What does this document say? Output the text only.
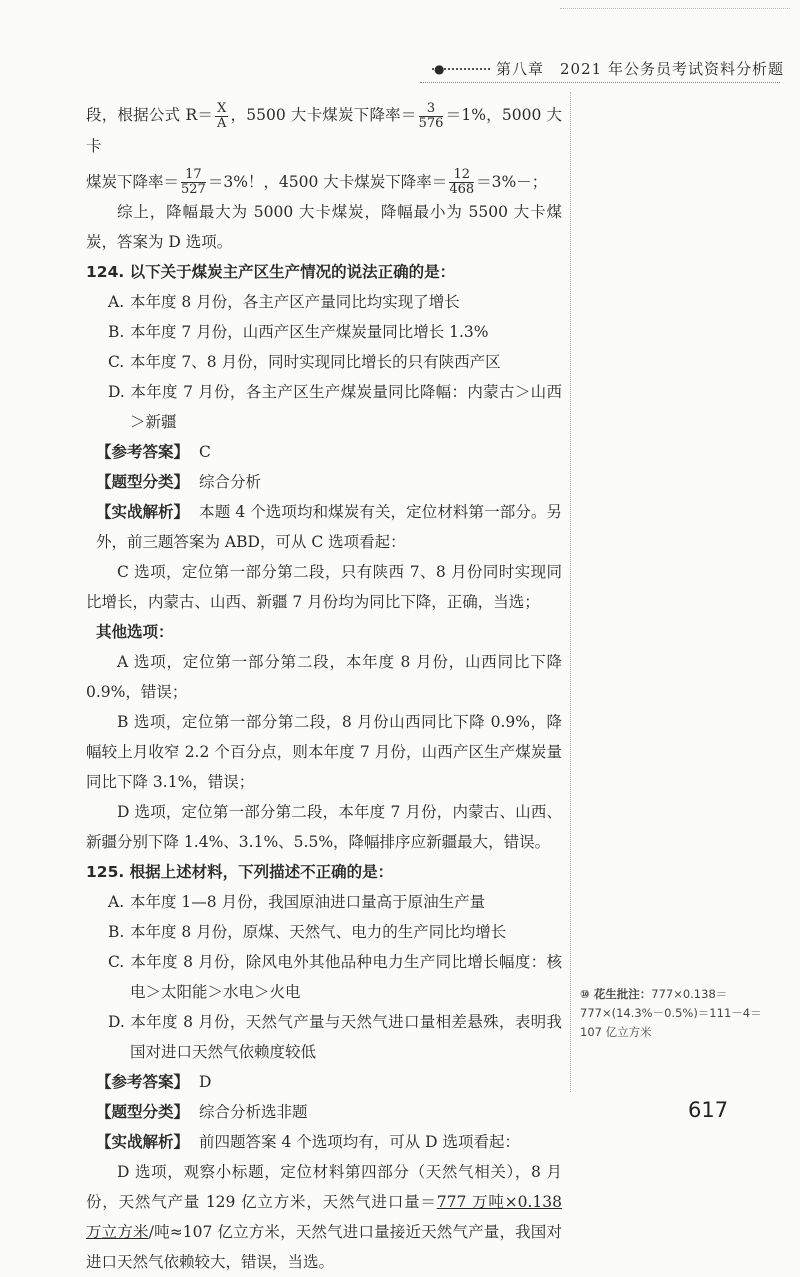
●	第八章　2021 年公务员考试资料分析题

段，根据公式 $R= \frac{X}{A}$ ，5500 大卡煤炭下降率＝ $\frac{3}{576} =1\%$，5000 大卡

煤炭下降率＝ $\frac{17}{527} =3\%$！，4500 大卡煤炭下降率＝ $\frac{12}{468} =3\%-$；

综上，降幅最大为 5000 大卡煤炭，降幅最小为 5500 大卡煤炭，答案为 D 选项。

124. 以下关于煤炭主产区生产情况的说法正确的是：

A. 本年度 8 月份，各主产区产量同比均实现了增长

B. 本年度 7 月份，山西产区生产煤炭量同比增长 1.3%

C. 本年度 7、8 月份，同时实现同比增长的只有陕西产区

D. 本年度 7 月份，各主产区生产煤炭量同比降幅：内蒙古＞山西＞新疆

【参考答案】 C

【题型分类】 综合分析

【实战解析】 本题 4 个选项均和煤炭有关，定位材料第一部分。另外，前三题答案为 ABD，可从 C 选项看起：

C 选项，定位第一部分第二段，只有陕西 7、8 月份同时实现同比增长，内蒙古、山西、新疆 7 月份均为同比下降，正确，当选；

其他选项：

A 选项，定位第一部分第二段，本年度 8 月份，山西同比下降 0.9%，错误；

B 选项，定位第一部分第二段，8 月份山西同比下降 0.9%，降幅较上月收窄 2.2 个百分点，则本年度 7 月份，山西产区生产煤炭量同比下降 3.1%，错误；

D 选项，定位第一部分第二段，本年度 7 月份，内蒙古、山西、新疆分别下降 1.4%、3.1%、5.5%，降幅排序应新疆最大，错误。

125. 根据上述材料，下列描述不正确的是：

A. 本年度 1—8 月份，我国原油进口量高于原油生产量

B. 本年度 8 月份，原煤、天然气、电力的生产同比均增长

C. 本年度 8 月份，除风电外其他品种电力生产同比增长幅度：核电＞太阳能＞水电＞火电

D. 本年度 8 月份，天然气产量与天然气进口量相差悬殊，表明我国对进口天然气依赖度较低

【参考答案】 D

【题型分类】 综合分析选非题

【实战解析】 前四题答案 4 个选项均有，可从 D 选项看起：

D 选项，观察小标题，定位材料第四部分（天然气相关），8 月份，天然气产量 129 亿立方米，天然气进口量＝777 万吨×0.138 万立方米/吨≈107 亿立方米，天然气进口量接近天然气产量，我国对进口天然气依赖较大，错误，当选。

⑩ 花生批注：777×0.138＝777×(14.3%－0.5%)＝111－4＝107 亿立方米
617
